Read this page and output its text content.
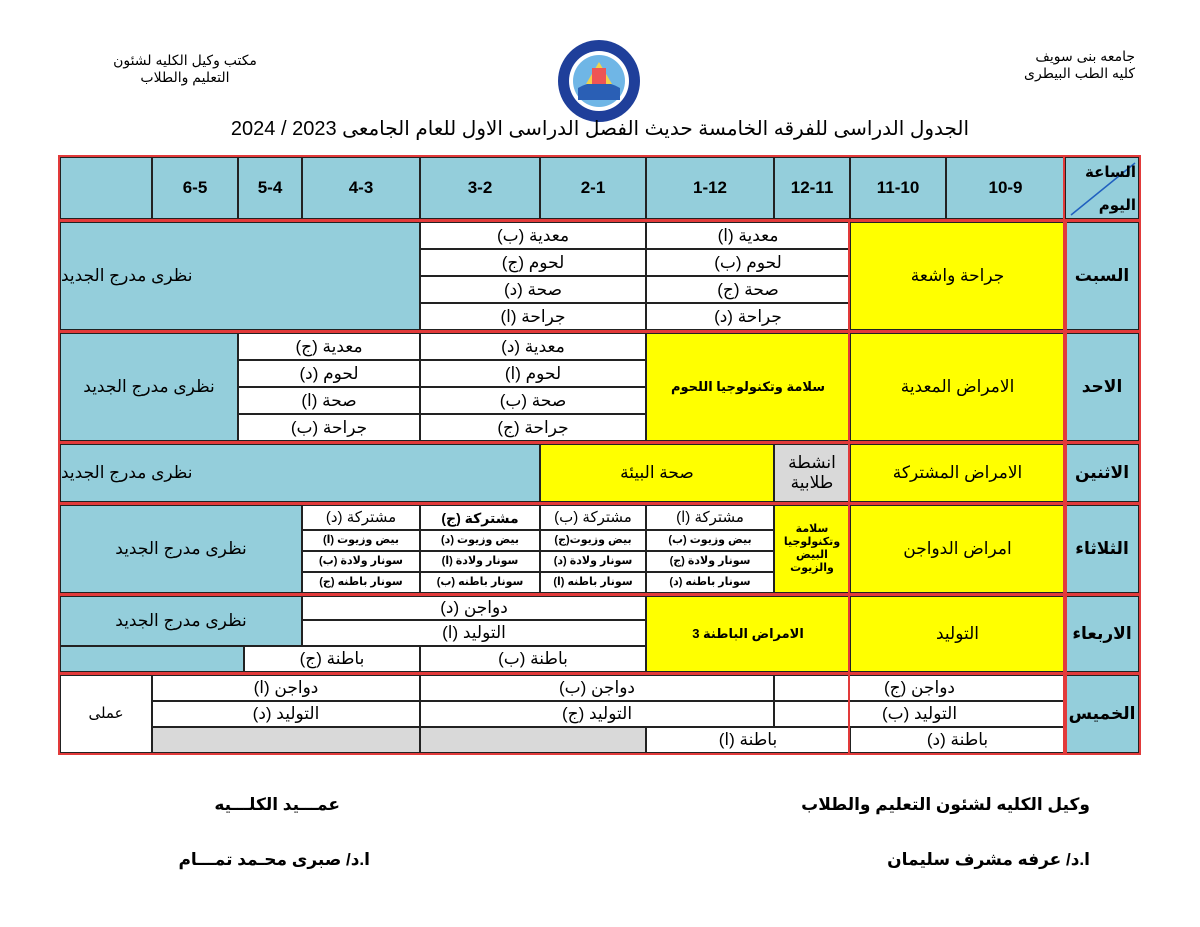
جامعه بنى سويف
كليه الطب البيطرى
مكتب وكيل الكليه لشئون
التعليم والطلاب
الجدول الدراسى للفرقه الخامسة حديث الفصل الدراسى الاول للعام الجامعى 2023 / 2024
الساعة
اليوم
10-9
11-10
12-11
1-12
2-1
3-2
4-3
5-4
6-5
السبت
جراحة واشعة
معدية (ا)
لحوم (ب)
صحة (ج)
جراحة (د)
معدية (ب)
لحوم (ج)
صحة (د)
جراحة (ا)
نظرى مدرج الجديد
الاحد
الامراض المعدية
سلامة وتكنولوجيا اللحوم
معدية (د)
لحوم (ا)
صحة (ب)
جراحة (ج)
معدية (ج)
لحوم (د)
صحة (ا)
جراحة (ب)
نظرى مدرج الجديد
الاثنين
الامراض المشتركة
انشطة طلابية
صحة البيئة
نظرى مدرج الجديد
الثلاثاء
امراض الدواجن
سلامة وتكنولوجيا البيض والزيوت
مشتركة (ا)
بيض وزيوت (ب)
سونار ولادة (ج)
سونار باطنه (د)
مشتركة (ب)
بيض وزيوت(ج)
سونار ولادة (د)
سونار باطنه (ا)
مشتركة (ج)
بيض وزيوت (د)
سونار ولادة (ا)
سونار باطنه (ب)
مشتركة (د)
بيض وزيوت (ا)
سونار ولادة (ب)
سونار باطنه (ج)
نظرى مدرج الجديد
الاربعاء
التوليد
الامراض الباطنة 3
دواجن (د)
التوليد (ا)
باطنة (ب)
باطنة (ج)
نظرى مدرج الجديد
الخميس
دواجن (ج)
التوليد (ب)
باطنة (د)
دواجن (ب)
التوليد (ج)
باطنة (ا)
دواجن (ا)
التوليد (د)
عملى
وكيل الكليه لشئون التعليم والطلاب
ا.د/ عرفه مشرف سليمان
عمـــيد الكلـــيه
ا.د/ صبرى محـمد تمـــام
